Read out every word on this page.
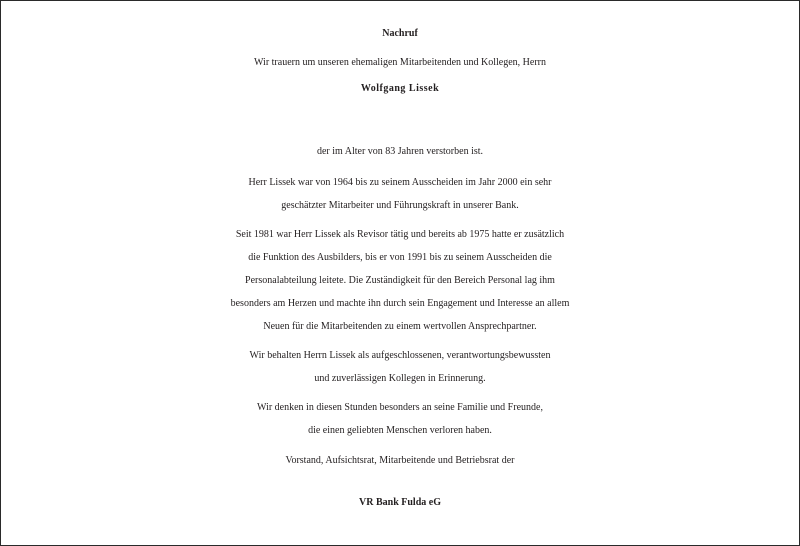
Nachruf
Wir trauern um unseren ehemaligen Mitarbeitenden und Kollegen, Herrn
Wolfgang Lissek
der im Alter von 83 Jahren verstorben ist.
Herr Lissek war von 1964 bis zu seinem Ausscheiden im Jahr 2000 ein sehr
geschätzter Mitarbeiter und Führungskraft in unserer Bank.
Seit 1981 war Herr Lissek als Revisor tätig und bereits ab 1975 hatte er zusätzlich
die Funktion des Ausbilders, bis er von 1991 bis zu seinem Ausscheiden die
Personalabteilung leitete. Die Zuständigkeit für den Bereich Personal lag ihm
besonders am Herzen und machte ihn durch sein Engagement und Interesse an allem
Neuen für die Mitarbeitenden zu einem wertvollen Ansprechpartner.
Wir behalten Herrn Lissek als aufgeschlossenen, verantwortungsbewussten
und zuverlässigen Kollegen in Erinnerung.
Wir denken in diesen Stunden besonders an seine Familie und Freunde,
die einen geliebten Menschen verloren haben.
Vorstand, Aufsichtsrat, Mitarbeitende und Betriebsrat der
VR Bank Fulda eG
